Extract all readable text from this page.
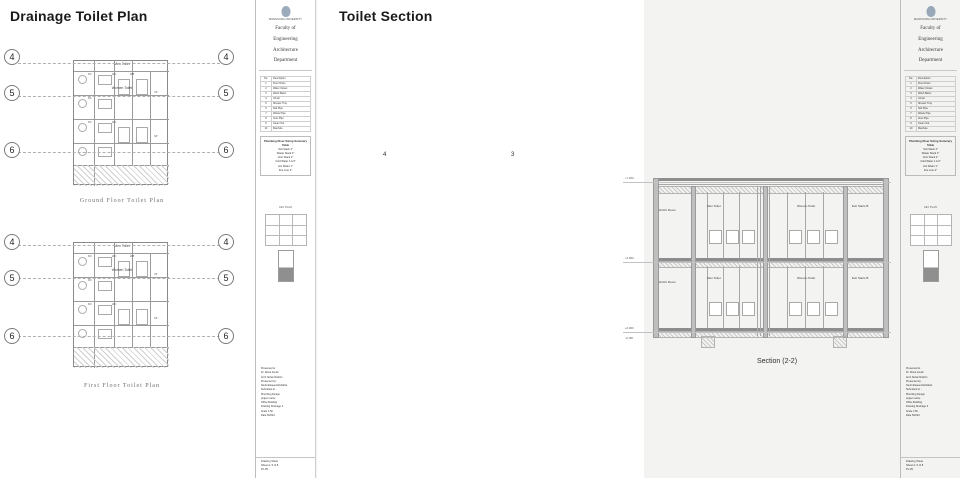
Drainage Toilet Plan
FD
FD
FD
WC
WC
WB
VP
SP
Men Toilet
Women Toilet
Ground Floor Toilet Plan
FD
FD
FD
WC
WC
WB
VP
SP
Men Toilet
Women Toilet
First Floor Toilet Plan
4
5
6
4
5
6
4
5
6
4
5
6
MANSOURA UNIVERSITY
Faculty of
Engineering
Architecture
Department
No.	Description
1	Floor Drain
2	Water Closet
3	Wash Basin
4	Urinal
5	Shower Tray
6	Soil Pipe
7	Waste Pipe
8	Vent Pipe
9	Clean Out
10	Manhole
Plumbing Riser Sizing Summary Table
Soil Stack 4"
Waste Stack 3"
Vent Stack 2"
Cold Water 1 1/4"
Hot Water 1"
Fire Line 2"
KEY PLAN
Presented to :
Dr. Mona Ismail
Arch.Nehal Ibrahim
Presented by :
Nouh Elsaeed Elshahat
Submitted to :
Plumbing Design
project name
Office Building
Drawing Drainage 2
Scale 1:50
Date 5/2024
Drawing Sheet
Sheet A- 5 of 8
PL-05
Toilet Section
4	3
HVAC Room
Men Toilet	Women Toilet	Exit Stairs B
HVAC Room
Men Toilet	Women Toilet	Exit Stairs B
+7.200
+3.600
+0.000
-0.150
Section (2-2)
MANSOURA UNIVERSITY
Faculty of
Engineering
Architecture
Department
No.	Description
1	Floor Drain
2	Water Closet
3	Wash Basin
4	Urinal
5	Shower Tray
6	Soil Pipe
7	Waste Pipe
8	Vent Pipe
9	Clean Out
10	Manhole
Plumbing Riser Sizing Summary Table
Soil Stack 4"
Waste Stack 3"
Vent Stack 2"
Cold Water 1 1/4"
Hot Water 1"
Fire Line 2"
KEY PLAN
Presented to :
Dr. Mona Ismail
Arch.Nehal Ibrahim
Presented by :
Nouh Elsaeed Elshahat
Submitted to :
Plumbing Design
project name
Office Building
Drawing Drainage 2
Scale 1:50
Date 5/2024
Drawing Sheet
Sheet A- 5 of 8
PL-05
